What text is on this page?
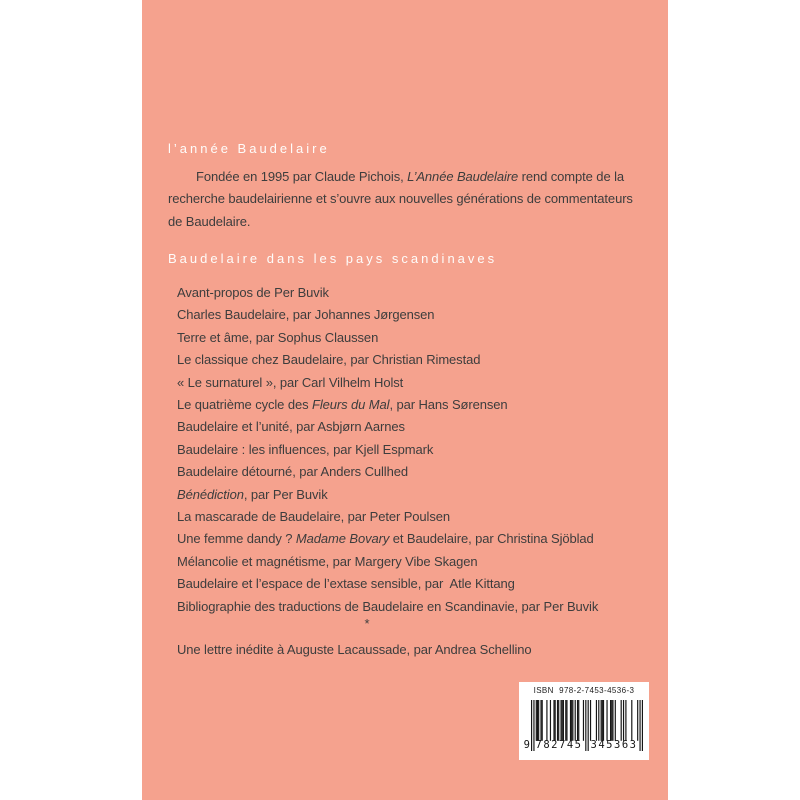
l’année Baudelaire
Fondée en 1995 par Claude Pichois, L’Année Baudelaire rend compte de la
recherche baudelairienne et s’ouvre aux nouvelles générations de commentateurs
de Baudelaire.
Baudelaire dans les pays scandinaves
Avant-propos de Per Buvik
Charles Baudelaire, par Johannes Jørgensen
Terre et âme, par Sophus Claussen
Le classique chez Baudelaire, par Christian Rimestad
« Le surnaturel », par Carl Vilhelm Holst
Le quatrième cycle des Fleurs du Mal, par Hans Sørensen
Baudelaire et l’unité, par Asbjørn Aarnes
Baudelaire : les influences, par Kjell Espmark
Baudelaire détourné, par Anders Cullhed
Bénédiction, par Per Buvik
La mascarade de Baudelaire, par Peter Poulsen
Une femme dandy ? Madame Bovary et Baudelaire, par Christina Sjöblad
Mélancolie et magnétisme, par Margery Vibe Skagen
Baudelaire et l’espace de l’extase sensible, par  Atle Kittang
Bibliographie des traductions de Baudelaire en Scandinavie, par Per Buvik
*
Une lettre inédite à Auguste Lacaussade, par Andrea Schellino
ISBN  978-2-7453-4536-3
9 782745 345363
